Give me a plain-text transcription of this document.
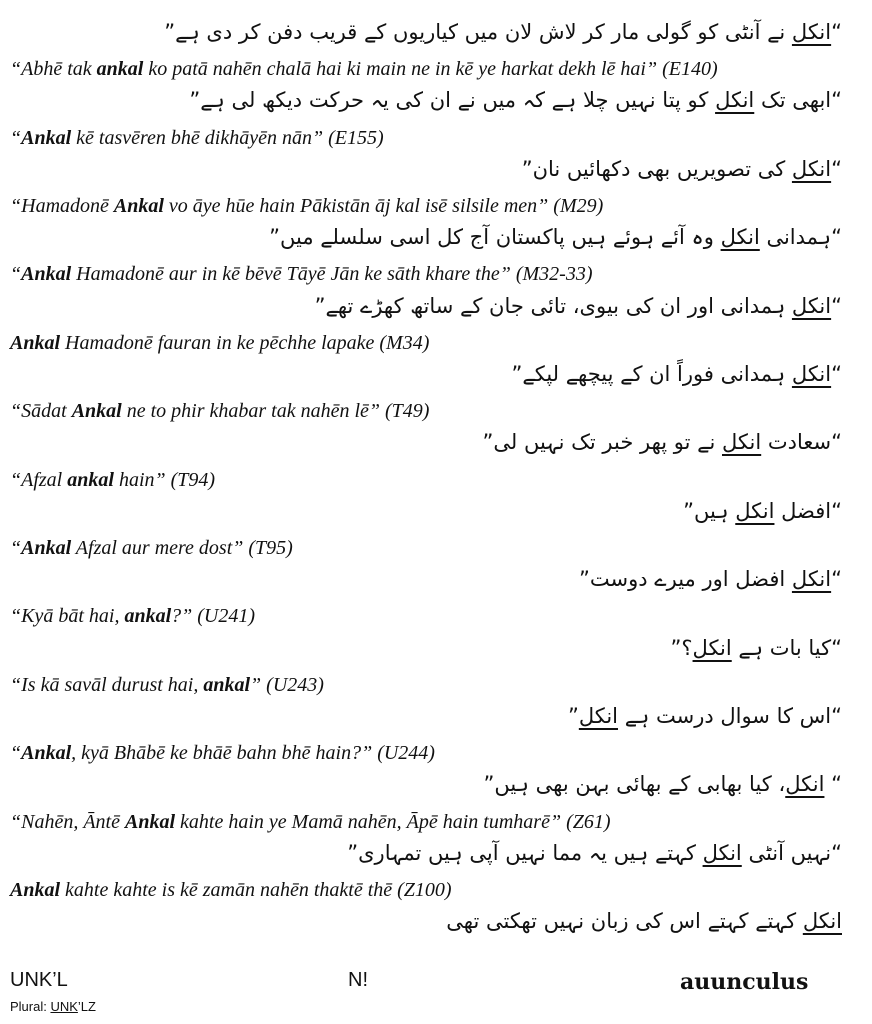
“انکل نے آنٹی کو گولی مار کر لاش لان میں کیاریوں کے قریب دفن کر دی ہے”
“Abhē tak ankal ko patā nahēn chalā hai ki main ne in kē ye harkat dekh lē hai” (E140)
“ابھی تک انکل کو پتا نہیں چلا ہے کہ میں نے ان کی یہ حرکت دیکھ لی ہے”
“Ankal kē tasvēren bhē dikhāyēn nān” (E155)
“انکل کی تصویریں بھی دکھائیں نان”
“Hamadonē Ankal vo āye hūe hain Pākistān āj kal isē silsile men” (M29)
“ہمدانی انکل وہ آئے ہوئے ہیں پاکستان آج کل اسی سلسلے میں”
“Ankal Hamadonē aur in kē bēvē Tāyē Jān ke sāth khare the” (M32-33)
“انکل ہمدانی اور ان کی بیوی، تائی جان کے ساتھ کھڑے تھے”
Ankal Hamadonē fauran in ke pēchhe lapake (M34)
“انکل ہمدانی فوراً ان کے پیچھے لپکے”
“Sādat Ankal ne to phir khabar tak nahēn lē” (T49)
“سعادت انکل نے تو پھر خبر تک نہیں لی”
“Afzal ankal hain” (T94)
“افضل انکل ہیں”
“Ankal Afzal aur mere dost” (T95)
“انکل افضل اور میرے دوست”
“Kyā bāt hai, ankal?” (U241)
“کیا بات ہے انکل؟”
“Is kā savāl durust hai, ankal” (U243)
“اس کا سوال درست ہے انکل”
“Ankal, kyā Bhābē ke bhāē bahn bhē hain?” (U244)
“ انکل، کیا بھابی کے بھائی بہن بھی ہیں”
“Nahēn, Āntē Ankal kahte hain ye Mamā nahēn, Āpē hain tumharē” (Z61)
“نہیں آنٹی انکل کہتے ہیں یہ مما نہیں آپی ہیں تمہاری”
Ankal kahte kahte is kē zamān nahēn thaktē thē (Z100)
انکل کہتے کہتے اس کی زبان نہیں تھکتی تھی
UNK’L	N!	auunculus
Plural: UNK’LZ
